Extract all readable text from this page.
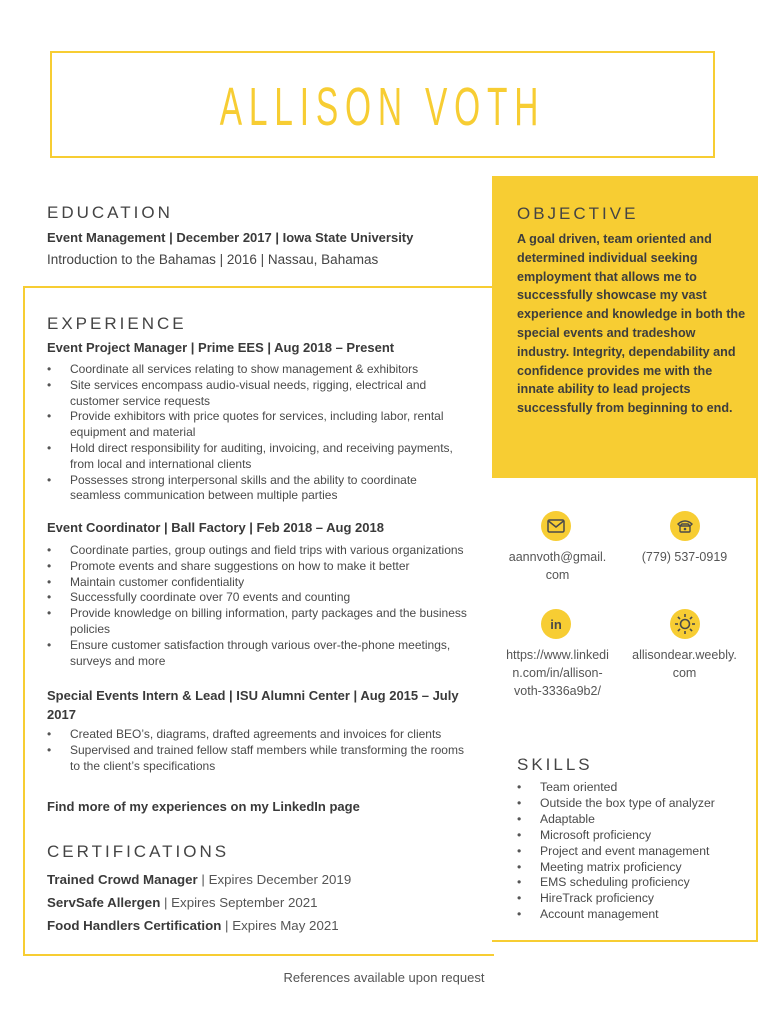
ALLISON VOTH
EDUCATION
Event Management | December 2017 | Iowa State University
Introduction to the Bahamas | 2016 | Nassau, Bahamas
EXPERIENCE
Event Project Manager | Prime EES | Aug 2018 – Present
• Coordinate all services relating to show management & exhibitors
• Site services encompass audio-visual needs, rigging, electrical and customer service requests
• Provide exhibitors with price quotes for services, including labor, rental equipment and material
• Hold direct responsibility for auditing, invoicing, and receiving payments, from local and international clients
• Possesses strong interpersonal skills and the ability to coordinate seamless communication between multiple parties
Event Coordinator | Ball Factory | Feb 2018 – Aug 2018
• Coordinate parties, group outings and field trips with various organizations
• Promote events and share suggestions on how to make it better
• Maintain customer confidentiality
• Successfully coordinate over 70 events and counting
• Provide knowledge on billing information, party packages and the business policies
• Ensure customer satisfaction through various over-the-phone meetings, surveys and more
Special Events Intern & Lead | ISU Alumni Center | Aug 2015 – July 2017
• Created BEO’s, diagrams, drafted agreements and invoices for clients
• Supervised and trained fellow staff members while transforming the rooms to the client’s specifications
Find more of my experiences on my LinkedIn page
CERTIFICATIONS
Trained Crowd Manager | Expires December 2019
ServSafe Allergen | Expires September 2021
Food Handlers Certification | Expires May 2021
OBJECTIVE
A goal driven, team oriented and determined individual seeking employment that allows me to successfully showcase my vast experience and knowledge in both the special events and tradeshow industry. Integrity, dependability and confidence provides me with the innate ability to lead projects successfully from beginning to end.
aannvoth@gmail.
com
(779) 537-0919
in
https://www.linkedi
n.com/in/allison-
voth-3336a9b2/
allisondear.weebly.
com
SKILLS
• Team oriented
• Outside the box type of analyzer
• Adaptable
• Microsoft proficiency
• Project and event management
• Meeting matrix proficiency
• EMS scheduling proficiency
• HireTrack proficiency
• Account management
References available upon request
